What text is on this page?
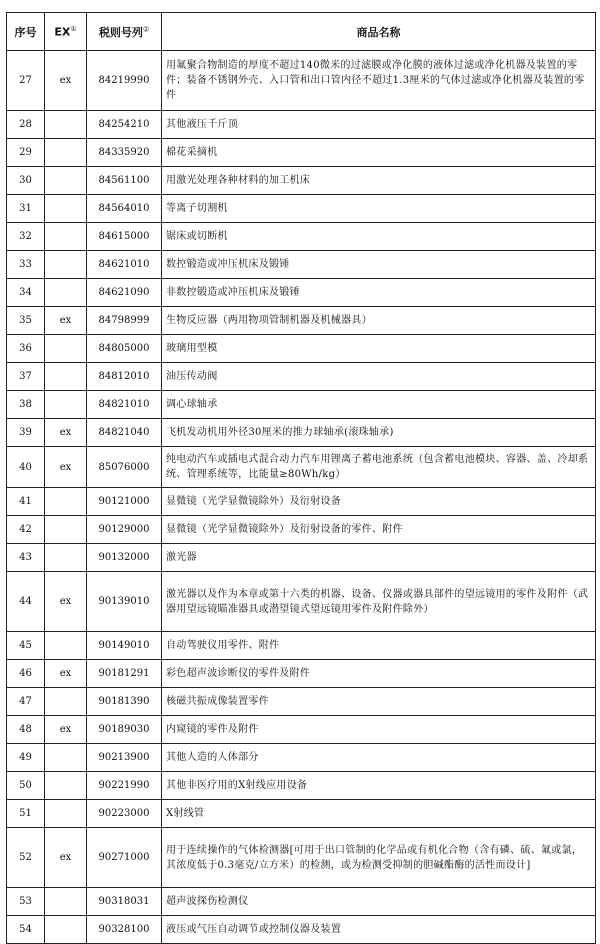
序号	EX①	税则号列②	商品名称
27	ex	84219990	用氟聚合物制造的厚度不超过140微米的过滤膜或净化膜的液体过滤或净化机器及装置的零件；装备不锈钢外壳、入口管和出口管内径不超过1.3厘米的气体过滤或净化机器及装置的零件
28		84254210	其他液压千斤顶
29		84335920	棉花采摘机
30		84561100	用激光处理各种材料的加工机床
31		84564010	等离子切割机
32		84615000	锯床或切断机
33		84621010	数控锻造或冲压机床及锻锤
34		84621090	非数控锻造或冲压机床及锻锤
35	ex	84798999	生物反应器（两用物项管制机器及机械器具）
36		84805000	玻璃用型模
37		84812010	油压传动阀
38		84821010	调心球轴承
39	ex	84821040	飞机发动机用外径30厘米的推力球轴承(滚珠轴承)
40	ex	85076000	纯电动汽车或插电式混合动力汽车用锂离子蓄电池系统（包含蓄电池模块、容器、盖、冷却系统、管理系统等，比能量≥80Wh/kg）
41		90121000	显微镜（光学显微镜除外）及衍射设备
42		90129000	显微镜（光学显微镜除外）及衍射设备的零件、附件
43		90132000	激光器
44	ex	90139010	激光器以及作为本章或第十六类的机器、设备、仪器或器具部件的望远镜用的零件及附件（武器用望远镜瞄准器具或潜望镜式望远镜用零件及附件除外）
45		90149010	自动驾驶仪用零件、附件
46	ex	90181291	彩色超声波诊断仪的零件及附件
47		90181390	核磁共振成像装置零件
48	ex	90189030	内窥镜的零件及附件
49		90213900	其他人造的人体部分
50		90221990	其他非医疗用的X射线应用设备
51		90223000	X射线管
52	ex	90271000	用于连续操作的气体检测器[可用于出口管制的化学品或有机化合物（含有磷、硫、氟或氯，其浓度低于0.3毫克/立方米）的检测，或为检测受抑制的胆碱酯酶的活性而设计]
53		90318031	超声波探伤检测仪
54		90328100	液压或气压自动调节或控制仪器及装置
